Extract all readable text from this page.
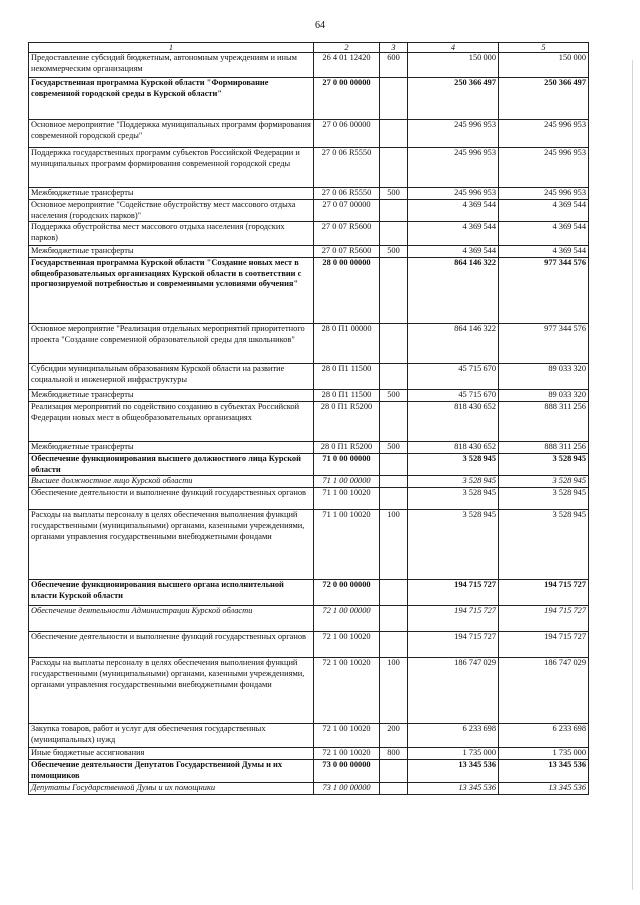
64
1	2	3	4	5
Предоставление субсидий бюджетным, автономным учреждениям и иным некоммерческим организациям	26 4 01 12420	600	150 000	150 000
Государственная программа Курской области "Формирование современной городской среды в Курской области"	27 0 00 00000		250 366 497	250 366 497
Основное мероприятие "Поддержка муниципальных программ формирования современной городской среды"	27 0 06 00000		245 996 953	245 996 953
Поддержка государственных программ субъектов Российской Федерации и муниципальных программ формирования современной городской среды	27 0 06 R5550		245 996 953	245 996 953
Межбюджетные трансферты	27 0 06 R5550	500	245 996 953	245 996 953
Основное мероприятие "Содействие обустройству мест массового отдыха населения (городских парков)"	27 0 07 00000		4 369 544	4 369 544
Поддержка обустройства мест массового отдыха населения (городских парков)	27 0 07 R5600		4 369 544	4 369 544
Межбюджетные трансферты	27 0 07 R5600	500	4 369 544	4 369 544
Государственная программа Курской области "Создание новых мест в общеобразовательных организациях Курской области в соответствии с прогнозируемой потребностью и современными условиями обучения"	28 0 00 00000		864 146 322	977 344 576
Основное мероприятие "Реализация отдельных мероприятий приоритетного проекта "Создание современной образовательной среды для школьников"	28 0 П1 00000		864 146 322	977 344 576
Субсидии муниципальным образованиям Курской области на развитие социальной и инженерной инфраструктуры	28 0 П1 11500		45 715 670	89 033 320
Межбюджетные трансферты	28 0 П1 11500	500	45 715 670	89 033 320
Реализация мероприятий по содействию созданию в субъектах Российской Федерации новых мест в общеобразовательных организациях	28 0 П1 R5200		818 430 652	888 311 256
Межбюджетные трансферты	28 0 П1 R5200	500	818 430 652	888 311 256
Обеспечение функционирования высшего должностного лица Курской области	71 0 00 00000		3 528 945	3 528 945
Высшее должностное лицо Курской области	71 1 00 00000		3 528 945	3 528 945
Обеспечение деятельности и выполнение функций государственных органов	71 1 00 10020		3 528 945	3 528 945
Расходы на выплаты персоналу в целях обеспечения выполнения функций государственными (муниципальными) органами, казенными учреждениями, органами управления государственными внебюджетными фондами	71 1 00 10020	100	3 528 945	3 528 945
Обеспечение функционирования высшего органа исполнительной власти Курской области	72 0 00 00000		194 715 727	194 715 727
Обеспечение деятельности Администрации Курской области	72 1 00 00000		194 715 727	194 715 727
Обеспечение деятельности и выполнение функций государственных органов	72 1 00 10020		194 715 727	194 715 727
Расходы на выплаты персоналу в целях обеспечения выполнения функций государственными (муниципальными) органами, казенными учреждениями, органами управления государственными внебюджетными фондами	72 1 00 10020	100	186 747 029	186 747 029
Закупка товаров, работ и услуг для обеспечения государственных (муниципальных) нужд	72 1 00 10020	200	6 233 698	6 233 698
Иные бюджетные ассигнования	72 1 00 10020	800	1 735 000	1 735 000
Обеспечение деятельности Депутатов Государственной Думы и их помощников	73 0 00 00000		13 345 536	13 345 536
Депутаты Государственной Думы и их помощники	73 1 00 00000		13 345 536	13 345 536
